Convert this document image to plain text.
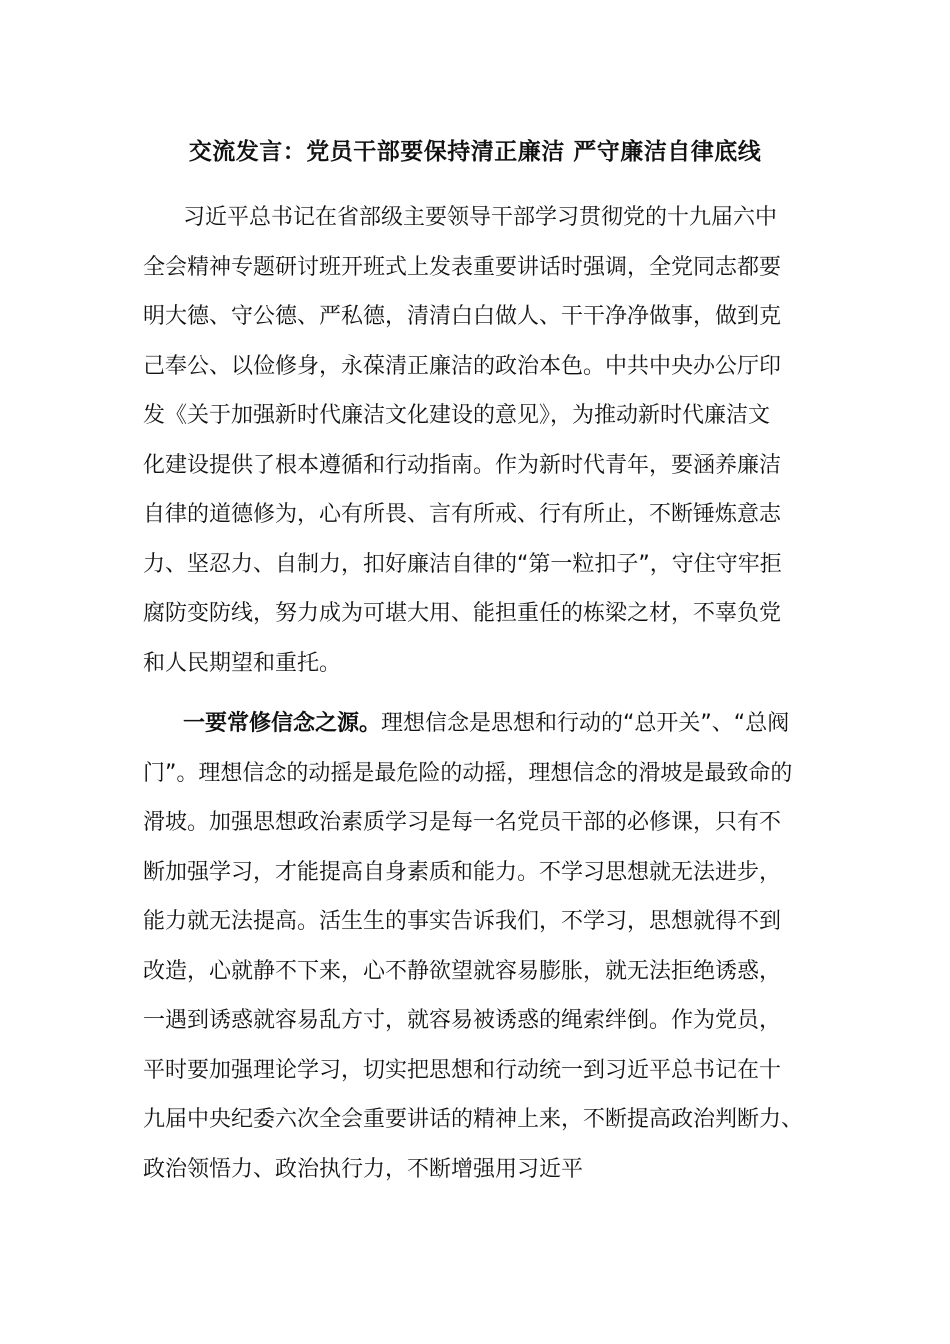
交流发言：党员干部要保持清正廉洁 严守廉洁自律底线
习近平总书记在省部级主要领导干部学习贯彻党的十九届六中
全会精神专题研讨班开班式上发表重要讲话时强调，全党同志都要
明大德、守公德、严私德，清清白白做人、干干净净做事，做到克
己奉公、以俭修身，永葆清正廉洁的政治本色。中共中央办公厅印
发《关于加强新时代廉洁文化建设的意见》，为推动新时代廉洁文
化建设提供了根本遵循和行动指南。作为新时代青年，要涵养廉洁
自律的道德修为，心有所畏、言有所戒、行有所止，不断锤炼意志
力、坚忍力、自制力，扣好廉洁自律的“第一粒扣子”，守住守牢拒
腐防变防线，努力成为可堪大用、能担重任的栋梁之材，不辜负党
和人民期望和重托。
一要常修信念之源。理想信念是思想和行动的“总开关”、“总阀
门”。理想信念的动摇是最危险的动摇，理想信念的滑坡是最致命的
滑坡。加强思想政治素质学习是每一名党员干部的必修课，只有不
断加强学习，才能提高自身素质和能力。不学习思想就无法进步，
能力就无法提高。活生生的事实告诉我们，不学习，思想就得不到
改造，心就静不下来，心不静欲望就容易膨胀，就无法拒绝诱惑，
一遇到诱惑就容易乱方寸，就容易被诱惑的绳索绊倒。作为党员，
平时要加强理论学习，切实把思想和行动统一到习近平总书记在十
九届中央纪委六次全会重要讲话的精神上来，不断提高政治判断力、
政治领悟力、政治执行力，不断增强用习近平
